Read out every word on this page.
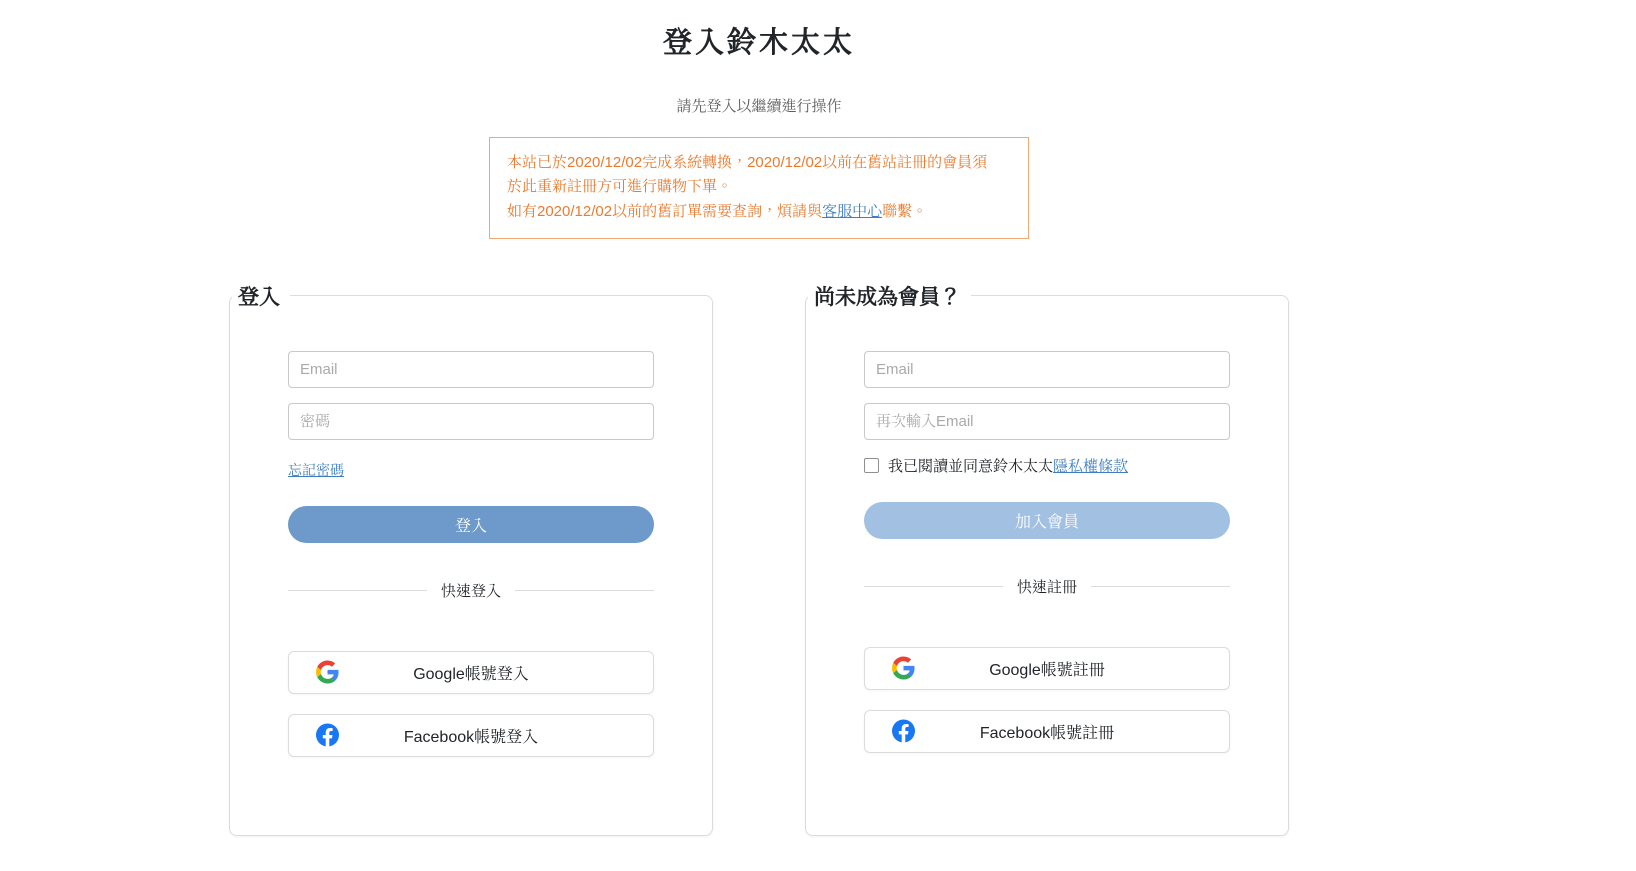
登入鈴木太太

請先登入以繼續進行操作

本站已於2020/12/02完成系統轉換，2020/12/02以前在舊站註冊的會員須
於此重新註冊方可進行購物下單。
如有2020/12/02以前的舊訂單需要查詢，煩請與客服中心聯繫。
登入
Email
忘記密碼
登入
快速登入
Google帳號登入
Facebook帳號登入
尚未成為會員？
Email
再次輸入Email
我已閱讀並同意鈴木太太隱私權條款
加入會員
快速註冊
Google帳號註冊
Facebook帳號註冊
